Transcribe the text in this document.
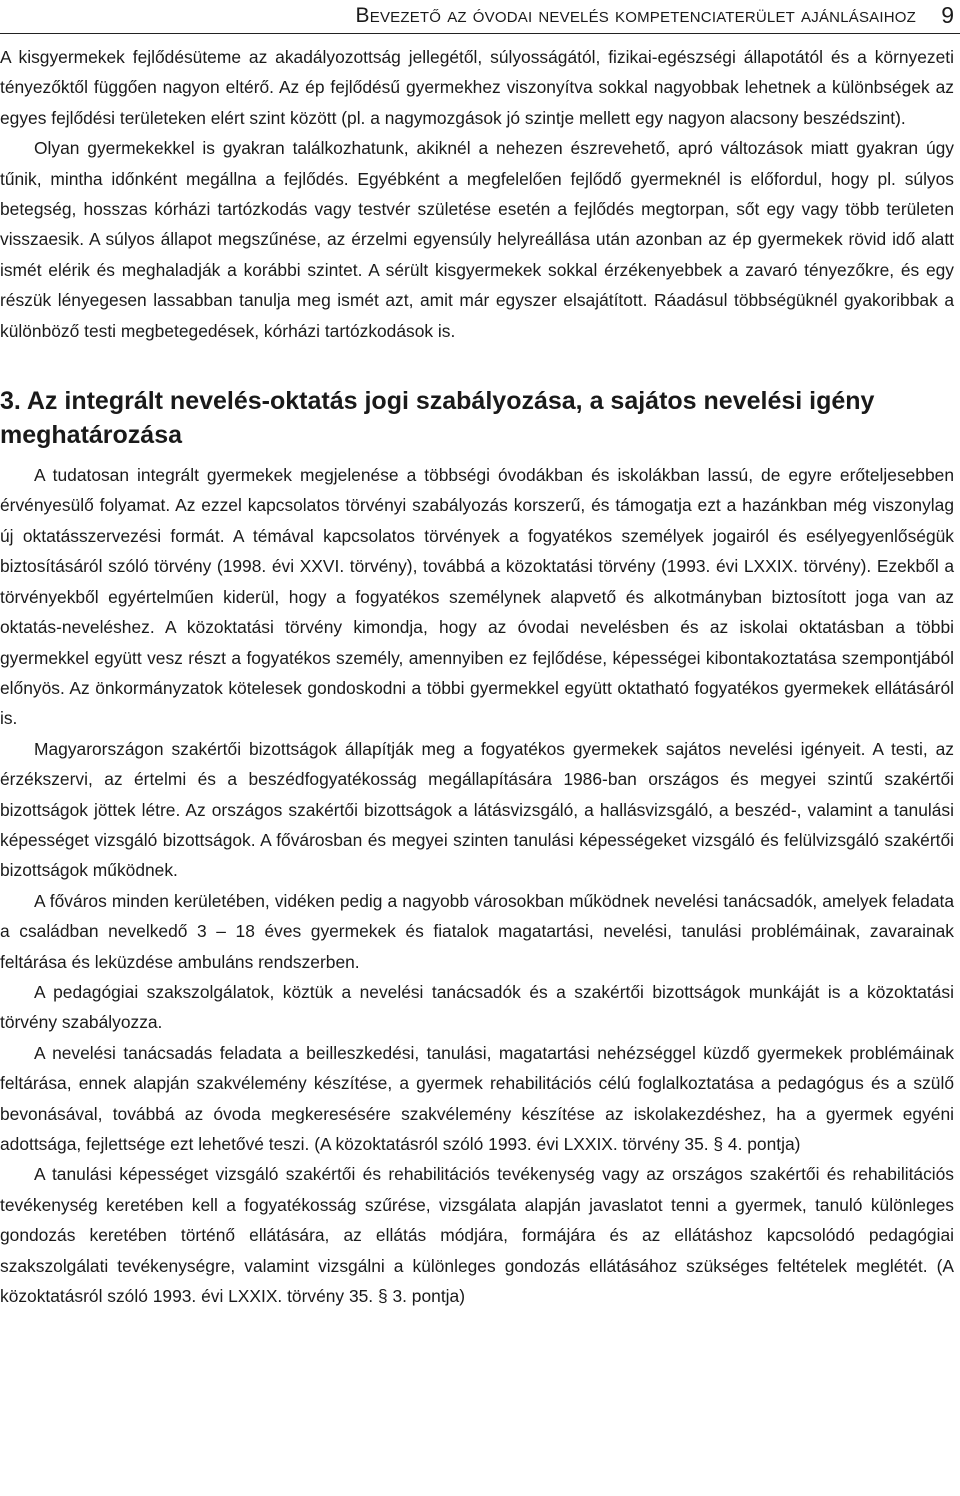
Bevezető az óvodai nevelés kompetenciaterület ajánlásaihoz 9

A kisgyermekek fejlődésüteme az akadályozottság jellegétől, súlyosságától, fizikai-egészségi állapotától és a környezeti tényezőktől függően nagyon eltérő. Az ép fejlődésű gyermekhez viszonyítva sokkal nagyobbak lehetnek a különbségek az egyes fejlődési területeken elért szint között (pl. a nagymozgások jó szintje mellett egy nagyon alacsony beszédszint).

Olyan gyermekekkel is gyakran találkozhatunk, akiknél a nehezen észrevehető, apró változások miatt gyakran úgy tűnik, mintha időnként megállna a fejlődés. Egyébként a megfelelően fejlődő gyermeknél is előfordul, hogy pl. súlyos betegség, hosszas kórházi tartózkodás vagy testvér születése esetén a fejlődés megtorpan, sőt egy vagy több területen visszaesik. A súlyos állapot megszűnése, az érzelmi egyensúly helyreállása után azonban az ép gyermekek rövid idő alatt ismét elérik és meghaladják a korábbi szintet. A sérült kisgyermekek sokkal érzékenyebbek a zavaró tényezőkre, és egy részük lényegesen lassabban tanulja meg ismét azt, amit már egyszer elsajátított. Ráadásul többségüknél gyakoribbak a különböző testi megbetegedések, kórházi tartózkodások is.

3. Az integrált nevelés-oktatás jogi szabályozása, a sajátos nevelési igény meghatározása

A tudatosan integrált gyermekek megjelenése a többségi óvodákban és iskolákban lassú, de egyre erőteljesebben érvényesülő folyamat. Az ezzel kapcsolatos törvényi szabályozás korszerű, és támogatja ezt a hazánkban még viszonylag új oktatásszervezési formát. A témával kapcsolatos törvények a fogyatékos személyek jogairól és esélyegyenlőségük biztosításáról szóló törvény (1998. évi XXVI. törvény), továbbá a közoktatási törvény (1993. évi LXXIX. törvény). Ezekből a törvényekből egyértelműen kiderül, hogy a fogyatékos személynek alapvető és alkotmányban biztosított joga van az oktatás-neveléshez. A közoktatási törvény kimondja, hogy az óvodai nevelésben és az iskolai oktatásban a többi gyermekkel együtt vesz részt a fogyatékos személy, amennyiben ez fejlődése, képességei kibontakoztatása szempontjából előnyös. Az önkormányzatok kötelesek gondoskodni a többi gyermekkel együtt oktatható fogyatékos gyermekek ellátásáról is.

Magyarországon szakértői bizottságok állapítják meg a fogyatékos gyermekek sajátos nevelési igényeit. A testi, az érzékszervi, az értelmi és a beszédfogyatékosság megállapítására 1986-ban országos és megyei szintű szakértői bizottságok jöttek létre. Az országos szakértői bizottságok a látásvizsgáló, a hallásvizsgáló, a beszéd-, valamint a tanulási képességet vizsgáló bizottságok. A fővárosban és megyei szinten tanulási képességeket vizsgáló és felülvizsgáló szakértői bizottságok működnek.

A főváros minden kerületében, vidéken pedig a nagyobb városokban működnek nevelési tanácsadók, amelyek feladata a családban nevelkedő 3 – 18 éves gyermekek és fiatalok magatartási, nevelési, tanulási problémáinak, zavarainak feltárása és leküzdése ambuláns rendszerben.

A pedagógiai szakszolgálatok, köztük a nevelési tanácsadók és a szakértői bizottságok munkáját is a közoktatási törvény szabályozza.

A nevelési tanácsadás feladata a beilleszkedési, tanulási, magatartási nehézséggel küzdő gyermekek problémáinak feltárása, ennek alapján szakvélemény készítése, a gyermek rehabilitációs célú foglalkoztatása a pedagógus és a szülő bevonásával, továbbá az óvoda megkeresésére szakvélemény készítése az iskolakezdéshez, ha a gyermek egyéni adottsága, fejlettsége ezt lehetővé teszi. (A közoktatásról szóló 1993. évi LXXIX. törvény 35. § 4. pontja)

A tanulási képességet vizsgáló szakértői és rehabilitációs tevékenység vagy az országos szakértői és rehabilitációs tevékenység keretében kell a fogyatékosság szűrése, vizsgálata alapján javaslatot tenni a gyermek, tanuló különleges gondozás keretében történő ellátására, az ellátás módjára, formájára és az ellátáshoz kapcsolódó pedagógiai szakszolgálati tevékenységre, valamint vizsgálni a különleges gondozás ellátásához szükséges feltételek meglétét. (A közoktatásról szóló 1993. évi LXXIX. törvény 35. § 3. pontja)
